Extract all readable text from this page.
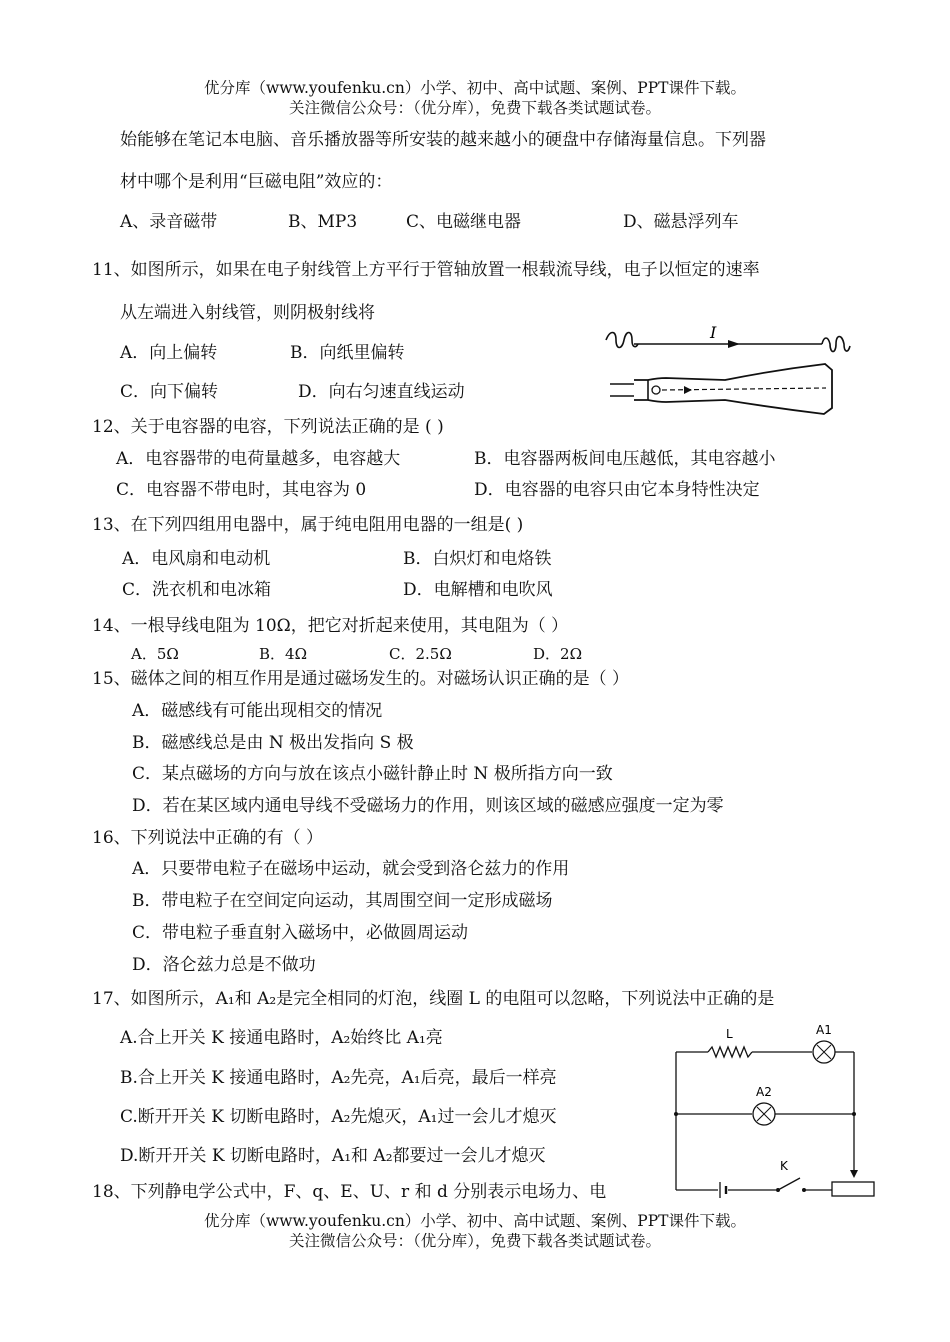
优分库（www.youfenku.cn）小学、初中、高中试题、案例、PPT课件下载。
关注微信公众号：（优分库），免费下载各类试题试卷。
始能够在笔记本电脑、音乐播放器等所安装的越来越小的硬盘中存储海量信息。下列器
材中哪个是利用“巨磁电阻”效应的：
A、录音磁带	B、MP3	C、电磁继电器	D、磁悬浮列车
11、如图所示，如果在电子射线管上方平行于管轴放置一根载流导线，电子以恒定的速率
从左端进入射线管，则阴极射线将
A．向上偏转	B．向纸里偏转
C．向下偏转	D．向右匀速直线运动
I
12、关于电容器的电容，下列说法正确的是 ( )
A．电容器带的电荷量越多，电容越大	B．电容器两板间电压越低，其电容越小
C．电容器不带电时，其电容为 0	D．电容器的电容只由它本身特性决定
13、在下列四组用电器中，属于纯电阻用电器的一组是( )
A．电风扇和电动机	B．白炽灯和电烙铁
C．洗衣机和电冰箱	D．电解槽和电吹风
14、一根导线电阻为 10Ω，把它对折起来使用，其电阻为（ ）
A．5Ω	B．4Ω	C．2.5Ω	D．2Ω
15、磁体之间的相互作用是通过磁场发生的。对磁场认识正确的是（ ）
A．磁感线有可能出现相交的情况
B．磁感线总是由 N 极出发指向 S 极
C．某点磁场的方向与放在该点小磁针静止时 N 极所指方向一致
D．若在某区域内通电导线不受磁场力的作用，则该区域的磁感应强度一定为零
16、下列说法中正确的有（ ）
A．只要带电粒子在磁场中运动，就会受到洛仑兹力的作用
B．带电粒子在空间定向运动，其周围空间一定形成磁场
C．带电粒子垂直射入磁场中，必做圆周运动
D．洛仑兹力总是不做功
17、如图所示，A₁和 A₂是完全相同的灯泡，线圈 L 的电阻可以忽略，下列说法中正确的是
A.合上开关 K 接通电路时，A₂始终比 A₁亮
B.合上开关 K 接通电路时，A₂先亮，A₁后亮，最后一样亮
C.断开开关 K 切断电路时，A₂先熄灭，A₁过一会儿才熄灭
D.断开开关 K 切断电路时，A₁和 A₂都要过一会儿才熄灭
L	A1
A2
K
18、下列静电学公式中，F、q、E、U、r 和 d 分别表示电场力、电
优分库（www.youfenku.cn）小学、初中、高中试题、案例、PPT课件下载。
关注微信公众号：（优分库），免费下载各类试题试卷。
